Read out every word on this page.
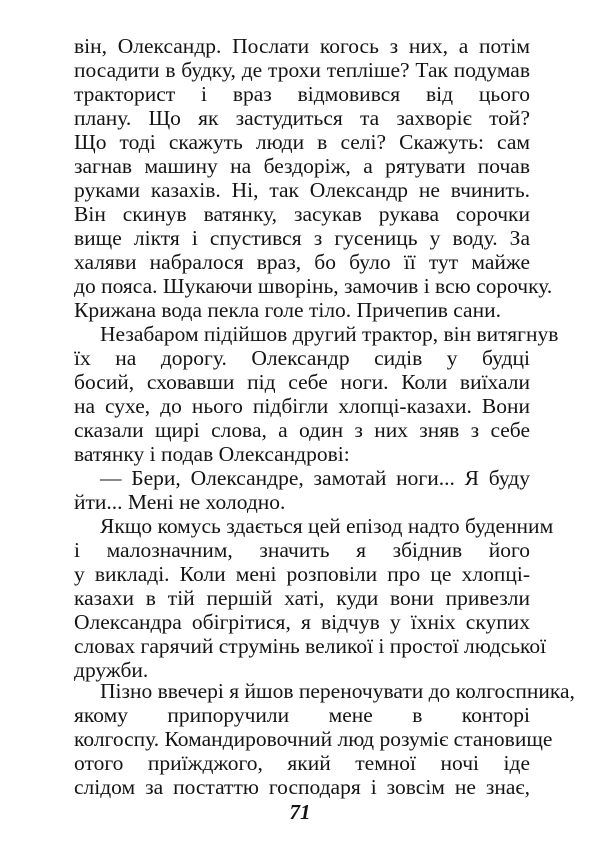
він, Олександр. Послати когось з них, а потім
посадити в будку, де трохи тепліше? Так подумав
тракторист і враз відмовився від цього
плану. Що як застудиться та захворіє той?
Що тоді скажуть люди в селі? Скажуть: сам
загнав машину на бездоріж, а рятувати почав
руками казахів. Ні, так Олександр не вчинить.
Він скинув ватянку, засукав рукава сорочки
вище ліктя і спустився з гусениць у воду. За
халяви набралося враз, бо було її тут майже
до пояса. Шукаючи шворінь, замочив і всю сорочку.
Крижана вода пекла голе тіло. Причепив сани.
Незабаром підійшов другий трактор, він витягнув
їх на дорогу. Олександр сидів у будці
босий, сховавши під себе ноги. Коли виїхали
на сухе, до нього підбігли хлопці-казахи. Вони
сказали щирі слова, а один з них зняв з себе
ватянку і подав Олександрові:
— Бери, Олександре, замотай ноги... Я буду
йти... Мені не холодно.
Якщо комусь здається цей епізод надто буденним
і малозначним, значить я збіднив його
у викладі. Коли мені розповіли про це хлопці-
казахи в тій першій хаті, куди вони привезли
Олександра обігрітися, я відчув у їхніх скупих
словах гарячий струмінь великої і простої людської
дружби.
Пізно ввечері я йшов переночувати до колгоспника,
якому припоручили мене в конторі
колгоспу. Командировочний люд розуміє становище
отого приїжджого, який темної ночі іде
слідом за постаттю господаря і зовсім не знає,
71
